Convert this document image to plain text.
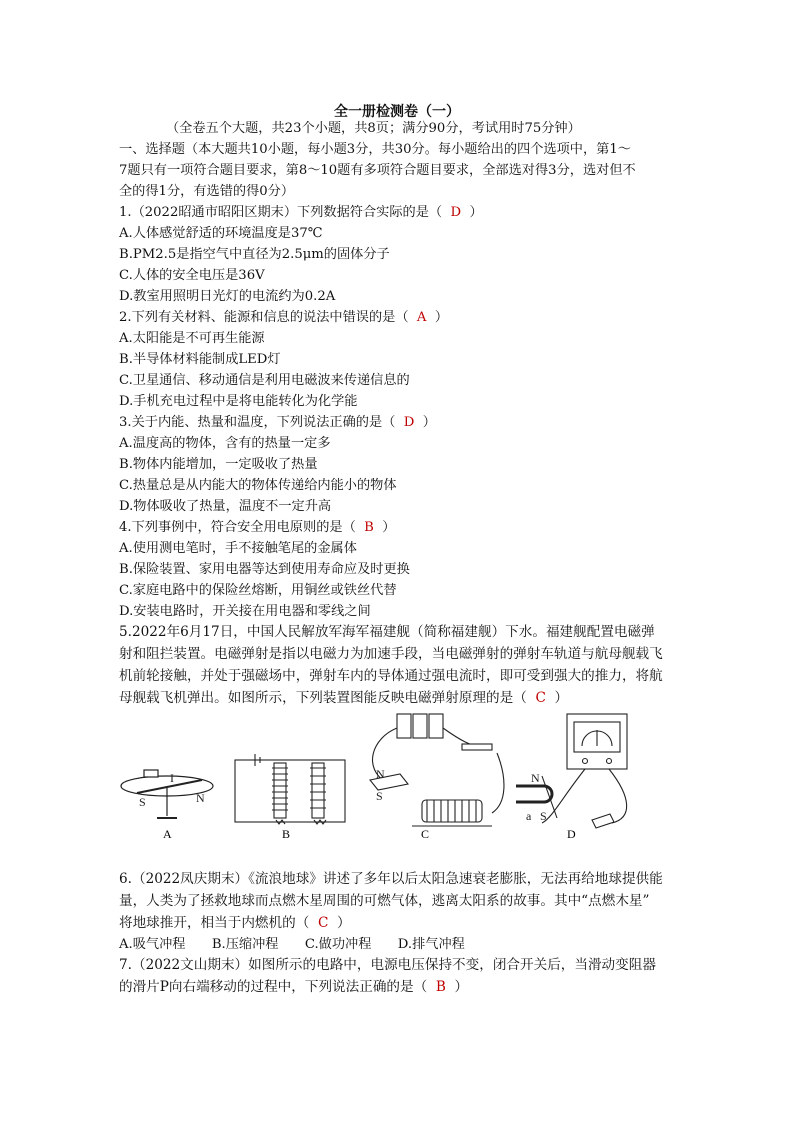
全一册检测卷（一）
（全卷五个大题，共23个小题，共8页；满分90分，考试用时75分钟）
一、选择题（本大题共10小题，每小题3分，共30分。每小题给出的四个选项中，第1～
7题只有一项符合题目要求，第8～10题有多项符合题目要求，全部选对得3分，选对但不
全的得1分，有选错的得0分）
1.（2022昭通市昭阳区期末）下列数据符合实际的是（ D ）
A.人体感觉舒适的环境温度是37℃
B.PM2.5是指空气中直径为2.5μm的固体分子
C.人体的安全电压是36V
D.教室用照明日光灯的电流约为0.2A
2.下列有关材料、能源和信息的说法中错误的是（ A ）
A.太阳能是不可再生能源
B.半导体材料能制成LED灯
C.卫星通信、移动通信是利用电磁波来传递信息的
D.手机充电过程中是将电能转化为化学能
3.关于内能、热量和温度，下列说法正确的是（ D ）
A.温度高的物体，含有的热量一定多
B.物体内能增加，一定吸收了热量
C.热量总是从内能大的物体传递给内能小的物体
D.物体吸收了热量，温度不一定升高
4.下列事例中，符合安全用电原则的是（ B ）
A.使用测电笔时，手不接触笔尾的金属体
B.保险装置、家用电器等达到使用寿命应及时更换
C.家庭电路中的保险丝熔断，用铜丝或铁丝代替
D.安装电路时，开关接在用电器和零线之间
5.2022年6月17日，中国人民解放军海军福建舰（简称福建舰）下水。福建舰配置电磁弹
射和阻拦装置。电磁弹射是指以电磁力为加速手段，当电磁弹射的弹射车轨道与航母舰载飞
机前轮接触，并处于强磁场中，弹射车内的导体通过强电流时，即可受到强大的推力，将航
母舰载飞机弹出。如图所示，下列装置图能反映电磁弹射原理的是（ C ）
S	N
I
A	B
N
S
C
N
S
a
D
6.（2022凤庆期末）《流浪地球》讲述了多年以后太阳急速衰老膨胀，无法再给地球提供能
量，人类为了拯救地球而点燃木星周围的可燃气体，逃离太阳系的故事。其中“点燃木星”
将地球推开，相当于内燃机的（ C ）
A.吸气冲程　　B.压缩冲程　　C.做功冲程　　D.排气冲程
7.（2022文山期末）如图所示的电路中，电源电压保持不变，闭合开关后，当滑动变阻器
的滑片P向右端移动的过程中，下列说法正确的是（ B ）
